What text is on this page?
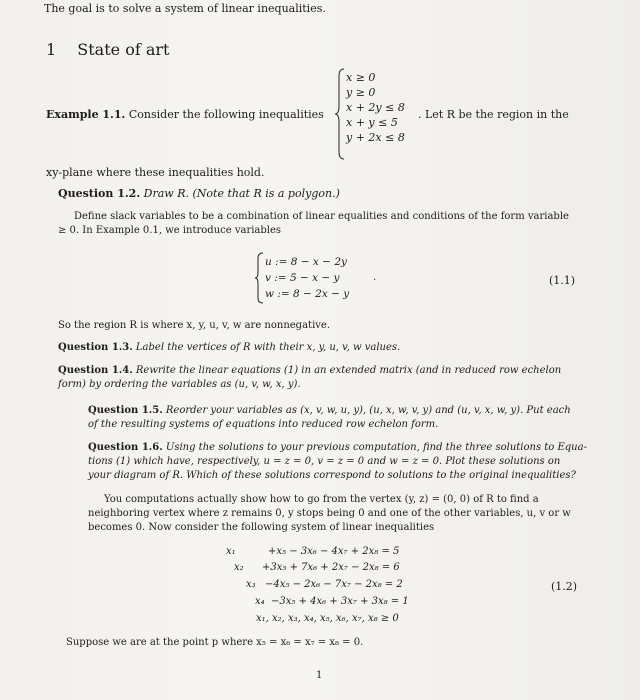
The goal is to solve a system of linear inequalities.
1 State of art
Example 1.1. Consider the following inequalities
x ≥ 0
y ≥ 0
x + 2y ≤ 8
x + y ≤ 5
y + 2x ≤ 8
. Let R be the region in the
xy-plane where these inequalities hold.
Question 1.2. Draw R. (Note that R is a polygon.)
Define slack variables to be a combination of linear equalities and conditions of the form variable
≥ 0. In Example 0.1, we introduce variables
u := 8 − x − 2y
v := 5 − x − y
w := 8 − 2x − y
.	(1.1)
So the region R is where x, y, u, v, w are nonnegative.
Question 1.3. Label the vertices of R with their x, y, u, v, w values.
Question 1.4. Rewrite the linear equations (1) in an extended matrix (and in reduced row echelon
form) by ordering the variables as (u, v, w, x, y).
Question 1.5. Reorder your variables as (x, v, w, u, y), (u, x, w, v, y) and (u, v, x, w, y). Put each
of the resulting systems of equations into reduced row echelon form.
Question 1.6. Using the solutions to your previous computation, find the three solutions to Equa-
tions (1) which have, respectively, u = z = 0, v = z = 0 and w = z = 0. Plot these solutions on
your diagram of R. Which of these solutions correspond to solutions to the original inequalities?
You computations actually show how to go from the vertex (y, z) = (0, 0) of R to find a
neighboring vertex where z remains 0, y stops being 0 and one of the other variables, u, v or w
becomes 0. Now consider the following system of linear inequalities
x₁	+x₅ − 3x₆ − 4x₇ + 2x₈ = 5
x₂ +3x₅ + 7x₆ + 2x₇ − 2x₈ = 6
x₃ −4x₅ − 2x₆ − 7x₇ − 2x₈ = 2
x₄ −3x₅ + 4x₆ + 3x₇ + 3x₈ = 1
x₁, x₂, x₃, x₄, x₅, x₆, x₇, x₈ ≥ 0
(1.2)
Suppose we are at the point p where x₅ = x₆ = x₇ = x₈ = 0.
1
